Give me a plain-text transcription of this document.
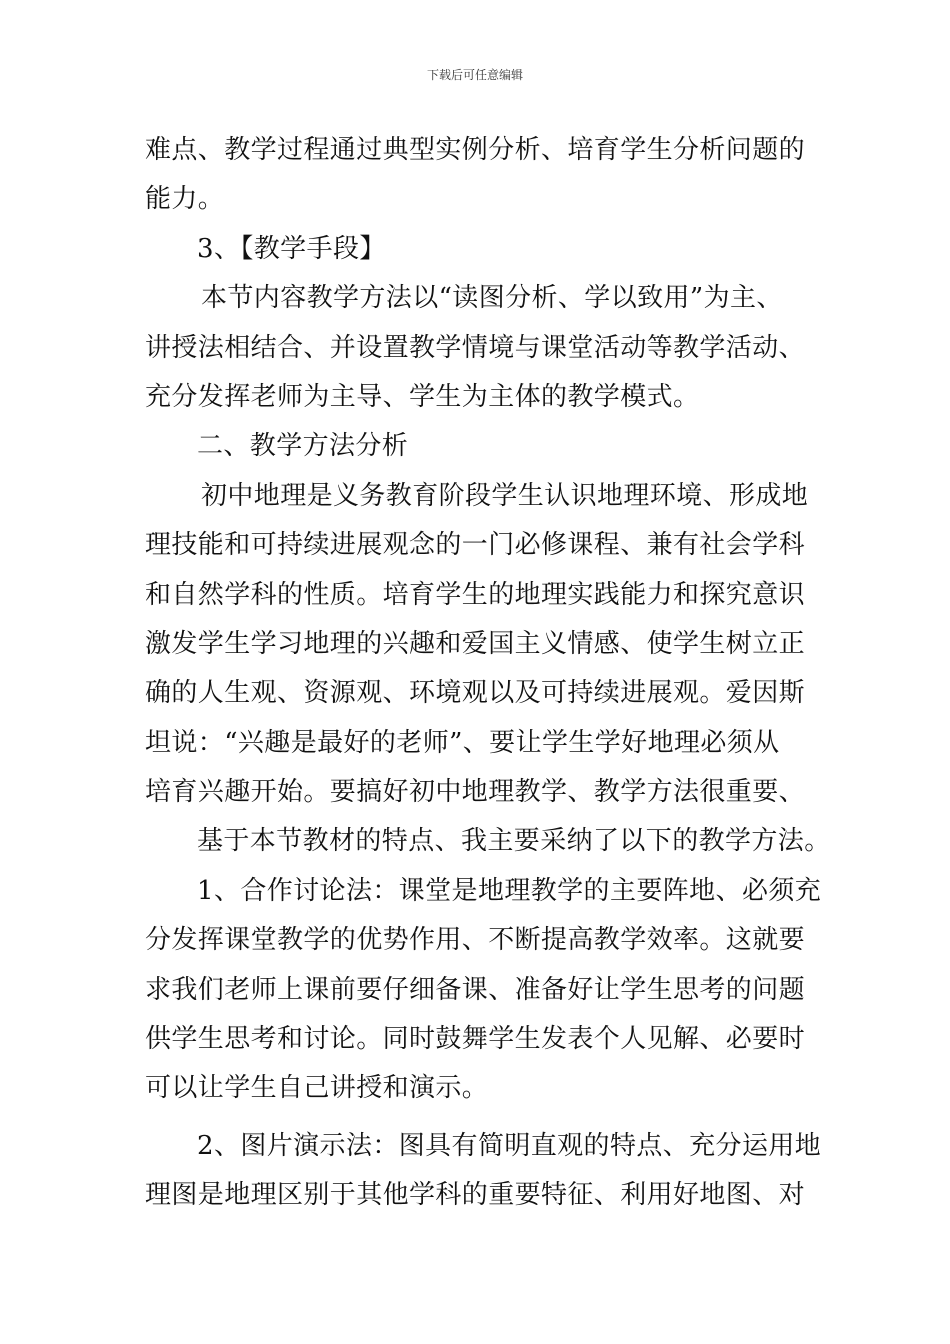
下载后可任意编辑
难点、教学过程通过典型实例分析、培育学生分析问题的
能力。
3、【教学手段】
本节内容教学方法以“读图分析、学以致用”为主、
讲授法相结合、并设置教学情境与课堂活动等教学活动、
充分发挥老师为主导、学生为主体的教学模式。
二、教学方法分析
初中地理是义务教育阶段学生认识地理环境、形成地
理技能和可持续进展观念的一门必修课程、兼有社会学科
和自然学科的性质。培育学生的地理实践能力和探究意识
激发学生学习地理的兴趣和爱国主义情感、使学生树立正
确的人生观、资源观、环境观以及可持续进展观。爱因斯
坦说：“兴趣是最好的老师”、要让学生学好地理必须从
培育兴趣开始。要搞好初中地理教学、教学方法很重要、
基于本节教材的特点、我主要采纳了以下的教学方法。
1、合作讨论法：课堂是地理教学的主要阵地、必须充
分发挥课堂教学的优势作用、不断提高教学效率。这就要
求我们老师上课前要仔细备课、准备好让学生思考的问题
供学生思考和讨论。同时鼓舞学生发表个人见解、必要时
可以让学生自己讲授和演示。
2、图片演示法：图具有简明直观的特点、充分运用地
理图是地理区别于其他学科的重要特征、利用好地图、对
